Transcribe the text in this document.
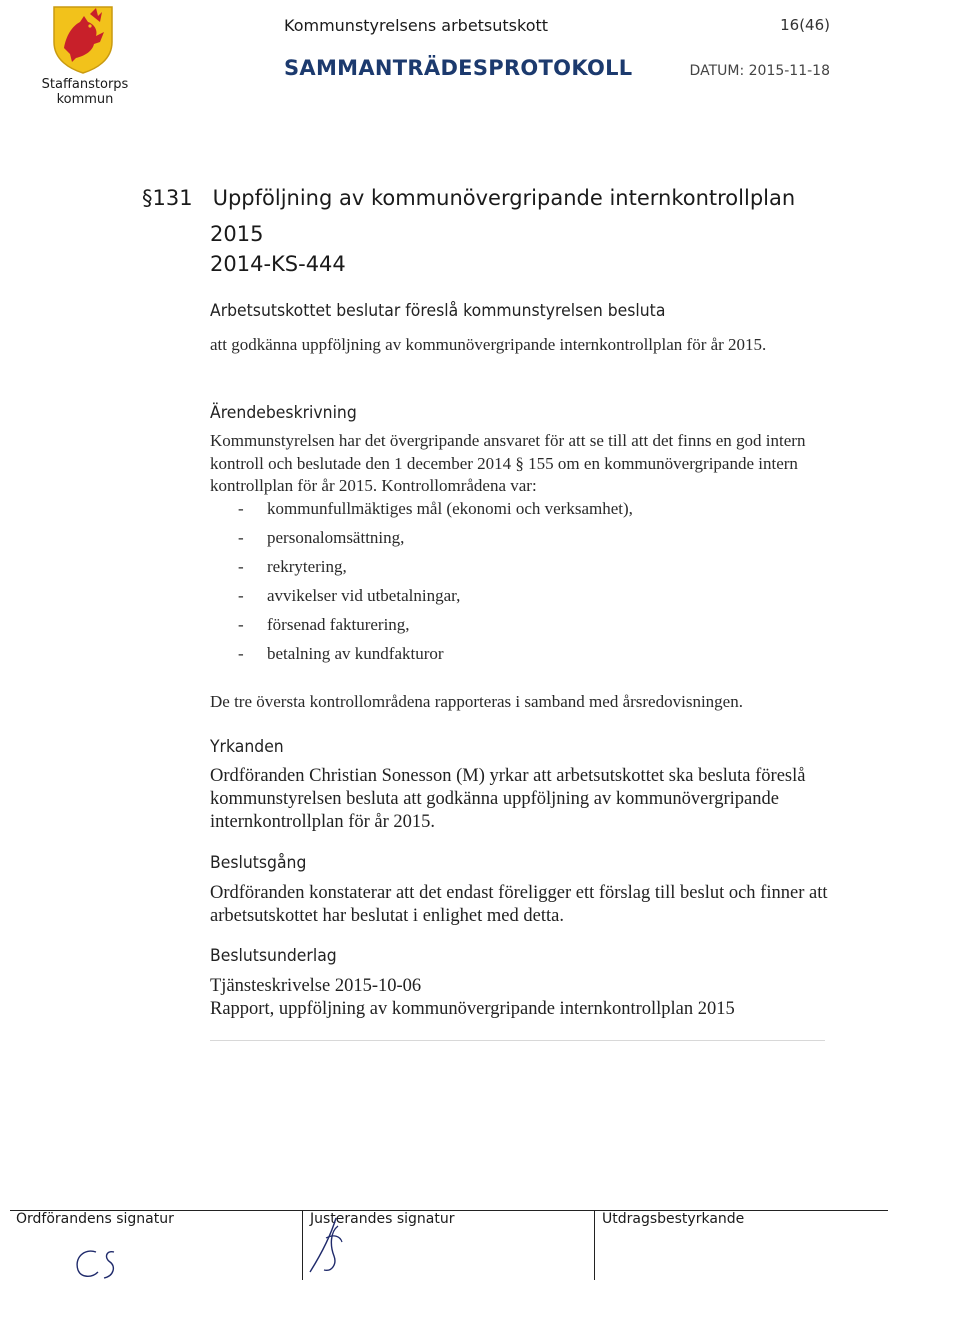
Staffanstorps
kommun
Kommunstyrelsens arbetsutskott	16(46)
SAMMANTRÄDESPROTOKOLL	DATUM: 2015-11-18
§131 Uppföljning av kommunövergripande internkontrollplan
2015
2014-KS-444
Arbetsutskottet beslutar föreslå kommunstyrelsen besluta
att godkänna uppföljning av kommunövergripande internkontrollplan för år 2015.
Ärendebeskrivning
Kommunstyrelsen har det övergripande ansvaret för att se till att det finns en god intern kontroll och beslutade den 1 december 2014 § 155 om en kommunövergripande intern kontrollplan för år 2015. Kontrollområdena var:
- kommunfullmäktiges mål (ekonomi och verksamhet),
- personalomsättning,
- rekrytering,
- avvikelser vid utbetalningar,
- försenad fakturering,
- betalning av kundfakturor
De tre översta kontrollområdena rapporteras i samband med årsredovisningen.
Yrkanden
Ordföranden Christian Sonesson (M) yrkar att arbetsutskottet ska besluta föreslå kommunstyrelsen besluta att godkänna uppföljning av kommunövergripande internkontrollplan för år 2015.
Beslutsgång
Ordföranden konstaterar att det endast föreligger ett förslag till beslut och finner att arbetsutskottet har beslutat i enlighet med detta.
Beslutsunderlag
Tjänsteskrivelse 2015-10-06
Rapport, uppföljning av kommunövergripande internkontrollplan 2015
Ordförandens signatur	Justerandes signatur	Utdragsbestyrkande
